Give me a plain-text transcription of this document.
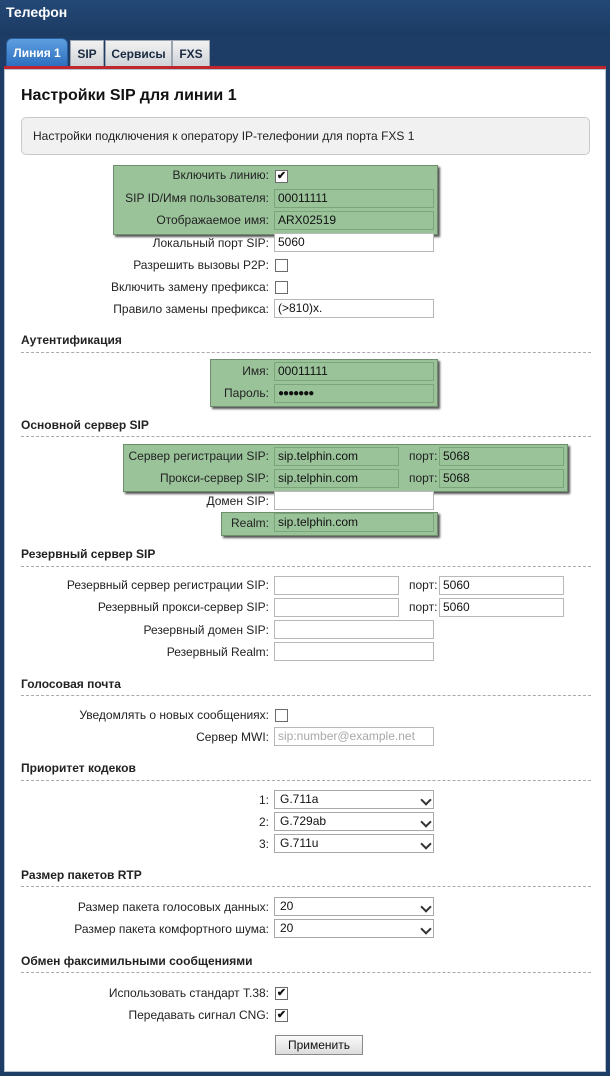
Телефон
Линия 1	SIP	Сервисы	FXS
Настройки SIP для линии 1
Настройки подключения к оператору IP-телефонии для порта FXS 1
Включить линию: ✔
SIP ID/Имя пользователя: 00011111
Отображаемое имя: ARX02519
Локальный порт SIP: 5060
Разрешить вызовы P2P:
Включить замену префикса:
Правило замены префикса: (>810)x.
Аутентификация
Имя: 00011111
Пароль: ●●●●●●●
Основной сервер SIP
Сервер регистрации SIP: sip.telphin.com	порт: 5068
Прокси-сервер SIP: sip.telphin.com	порт: 5068
Домен SIP:
Realm: sip.telphin.com
Резервный сервер SIP
Резервный сервер регистрации SIP:	порт: 5060
Резервный прокси-сервер SIP:	порт: 5060
Резервный домен SIP:
Резервный Realm:
Голосовая почта
Уведомлять о новых сообщениях:
Сервер MWI: sip:number@example.net
Приоритет кодеков
1: G.711a
2: G.729ab
3: G.711u
Размер пакетов RTP
Размер пакета голосовых данных: 20
Размер пакета комфортного шума: 20
Обмен факсимильными сообщениями
Использовать стандарт T.38: ✔
Передавать сигнал CNG: ✔
Применить
